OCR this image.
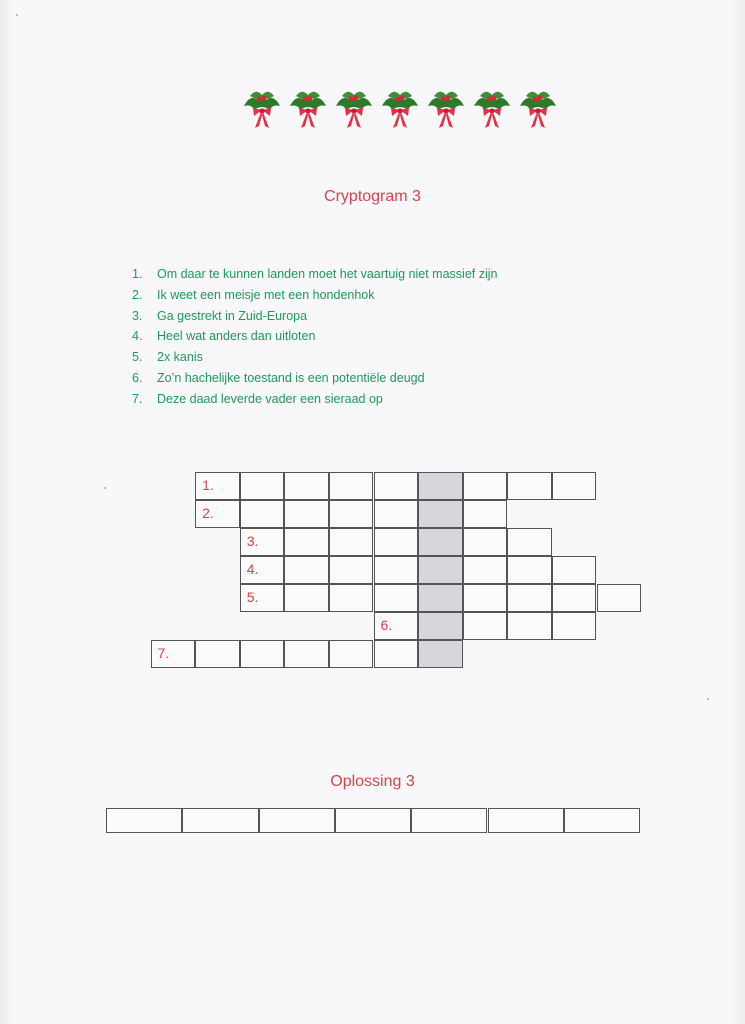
Cryptogram 3
1. Om daar te kunnen landen moet het vaartuig niet massief zijn
2. Ik weet een meisje met een hondenhok
3. Ga gestrekt in Zuid-Europa
4. Heel wat anders dan uitloten
5. 2x kanis
6. Zo’n hachelijke toestand is een potentiële deugd
7. Deze daad leverde vader een sieraad op
1.
2.
3.
4.
5.
6.
7.
Oplossing 3
